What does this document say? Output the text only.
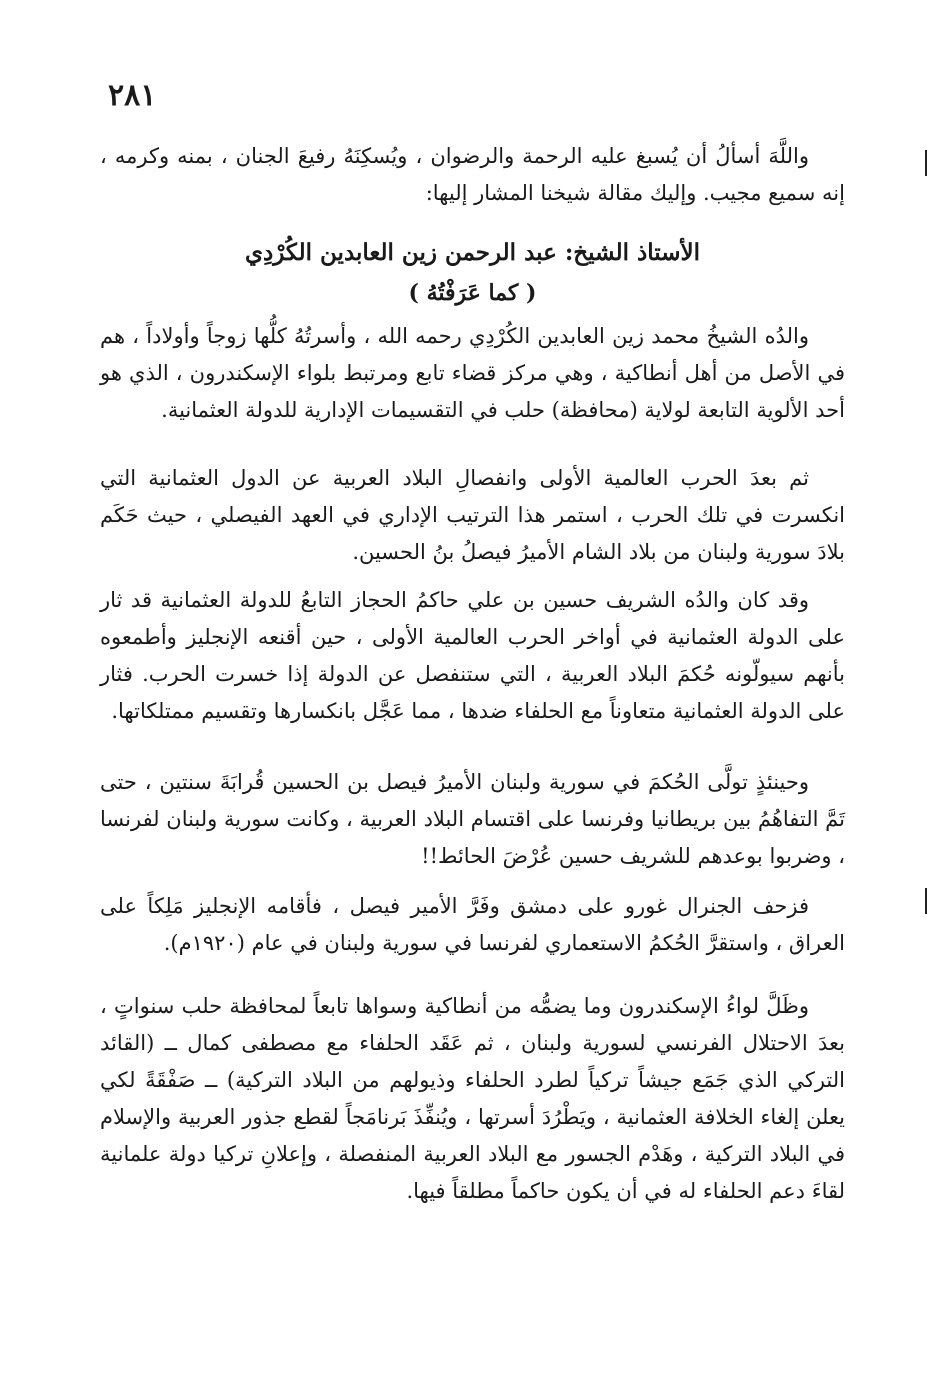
٢٨١

واللَّهَ أسألُ أن يُسبغ عليه الرحمة والرضوان ، ويُسكِنَهُ رفيعَ الجنان ، بمنه وكرمه ، إنه سميع مجيب. وإليك مقالة شيخنا المشار إليها:

الأستاذ الشيخ: عبد الرحمن زين العابدين الكُرْدِي
( كما عَرَفْتُهُ )

والدُه الشيخُ محمد زين العابدين الكُرْدِي رحمه الله ، وأسرتُهُ كلُّها زوجاً وأولاداً ، هم في الأصل من أهل أنطاكية ، وهي مركز قضاء تابع ومرتبط بلواء الإسكندرون ، الذي هو أحد الألوية التابعة لولاية (محافظة) حلب في التقسيمات الإدارية للدولة العثمانية.

ثم بعدَ الحرب العالمية الأولى وانفصالِ البلاد العربية عن الدول العثمانية التي انكسرت في تلك الحرب ، استمر هذا الترتيب الإداري في العهد الفيصلي ، حيث حَكَم بلادَ سورية ولبنان من بلاد الشام الأميرُ فيصلُ بنُ الحسين.

وقد كان والدُه الشريف حسين بن علي حاكمُ الحجاز التابعُ للدولة العثمانية قد ثار على الدولة العثمانية في أواخر الحرب العالمية الأولى ، حين أقنعه الإنجليز وأطمعوه بأنهم سيولّونه حُكمَ البلاد العربية ، التي ستنفصل عن الدولة إذا خسرت الحرب. فثار على الدولة العثمانية متعاوناً مع الحلفاء ضدها ، مما عَجَّل بانكسارها وتقسيم ممتلكاتها.

وحينئذٍ تولَّى الحُكمَ في سورية ولبنان الأميرُ فيصل بن الحسين قُرابَةَ سنتين ، حتى تَمَّ التفاهُمُ بين بريطانيا وفرنسا على اقتسام البلاد العربية ، وكانت سورية ولبنان لفرنسا ، وضربوا بوعدهم للشريف حسين عُرْضَ الحائط!!

فزحف الجنرال غورو على دمشق وفَرَّ الأمير فيصل ، فأقامه الإنجليز مَلِكاً على العراق ، واستقرَّ الحُكمُ الاستعماري لفرنسا في سورية ولبنان في عام (١٩٢٠م).

وظَلَّ لواءُ الإسكندرون وما يضمُّه من أنطاكية وسواها تابعاً لمحافظة حلب سنواتٍ ، بعدَ الاحتلال الفرنسي لسورية ولبنان ، ثم عَقَد الحلفاء مع مصطفى كمال ــ (القائد التركي الذي جَمَع جيشاً تركياً لطرد الحلفاء وذيولهم من البلاد التركية) ــ صَفْقَةً لكي يعلن إلغاء الخلافة العثمانية ، ويَطْرُدَ أسرتها ، ويُنفِّذَ بَرنامَجاً لقطع جذور العربية والإسلام في البلاد التركية ، وهَدْم الجسور مع البلاد العربية المنفصلة ، وإعلانِ تركيا دولة علمانية لقاءَ دعم الحلفاء له في أن يكون حاكماً مطلقاً فيها.
